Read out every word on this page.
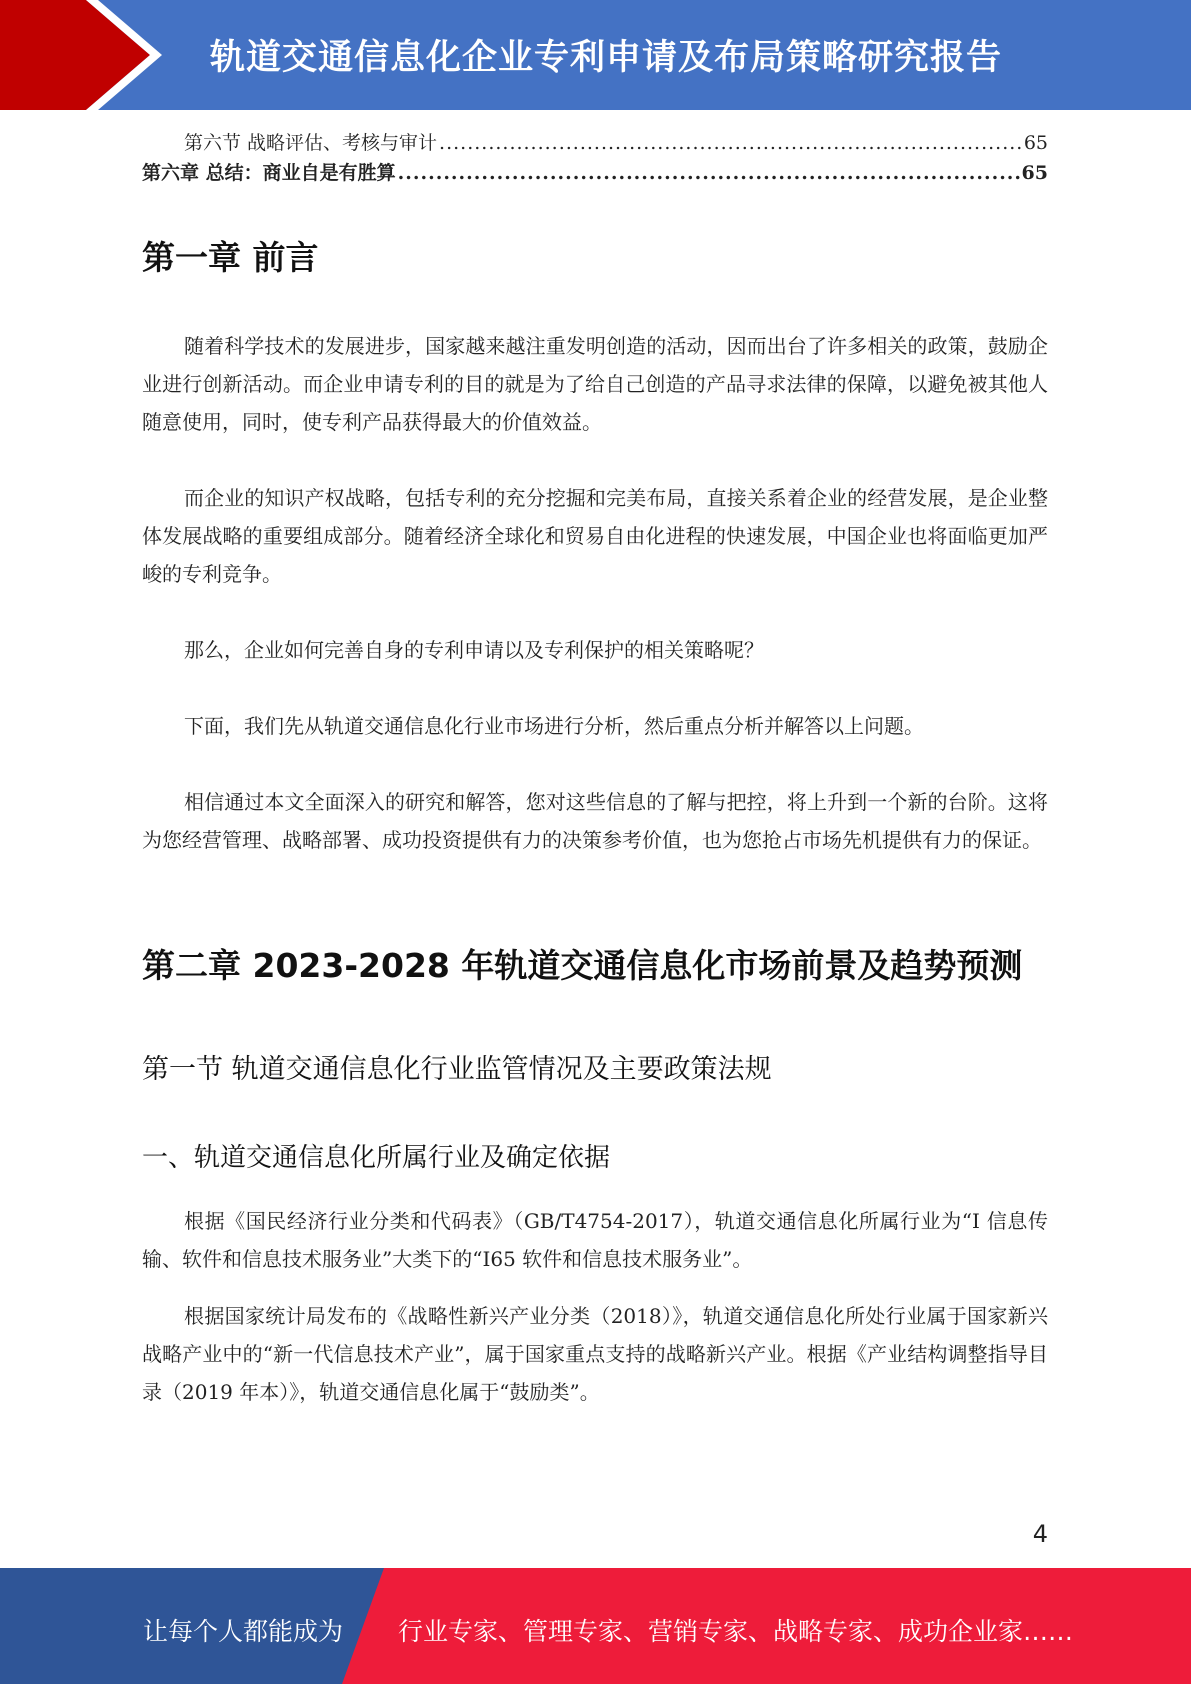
轨道交通信息化企业专利申请及布局策略研究报告
第六节 战略评估、考核与审计 .....	65
第六章 总结：商业自是有胜算 .....	65
第一章 前言

随着科学技术的发展进步，国家越来越注重发明创造的活动，因而出台了许多相关的政策，鼓励企业进行创新活动。而企业申请专利的目的就是为了给自己创造的产品寻求法律的保障，以避免被其他人随意使用，同时，使专利产品获得最大的价值效益。

而企业的知识产权战略，包括专利的充分挖掘和完美布局，直接关系着企业的经营发展，是企业整体发展战略的重要组成部分。随着经济全球化和贸易自由化进程的快速发展，中国企业也将面临更加严峻的专利竞争。

那么，企业如何完善自身的专利申请以及专利保护的相关策略呢？

下面，我们先从轨道交通信息化行业市场进行分析，然后重点分析并解答以上问题。

相信通过本文全面深入的研究和解答，您对这些信息的了解与把控，将上升到一个新的台阶。这将为您经营管理、战略部署、成功投资提供有力的决策参考价值，也为您抢占市场先机提供有力的保证。

第二章 2023-2028 年轨道交通信息化市场前景及趋势预测
第一节 轨道交通信息化行业监管情况及主要政策法规
一、轨道交通信息化所属行业及确定依据

根据《国民经济行业分类和代码表》（GB/T4754-2017），轨道交通信息化所属行业为“I 信息传输、软件和信息技术服务业”大类下的“I65 软件和信息技术服务业”。

根据国家统计局发布的《战略性新兴产业分类（2018）》，轨道交通信息化所处行业属于国家新兴战略产业中的“新一代信息技术产业”，属于国家重点支持的战略新兴产业。根据《产业结构调整指导目录（2019 年本）》，轨道交通信息化属于“鼓励类”。

4
让每个人都能成为 行业专家、管理专家、营销专家、战略专家、成功企业家……
